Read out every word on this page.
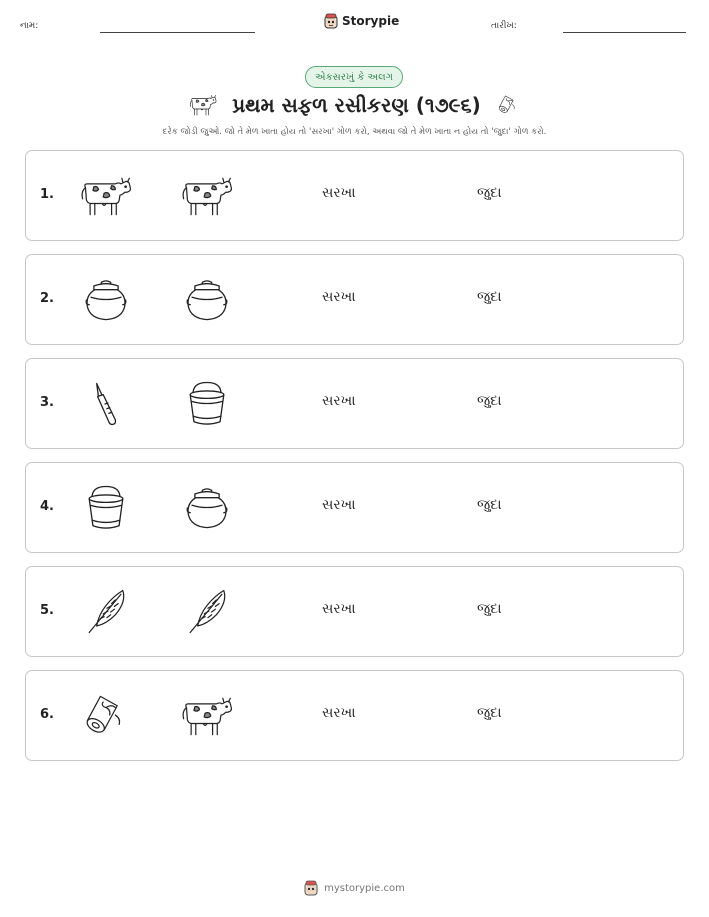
નામ:	Storypie	તારીખ:
એકસરખું કે અલગ
પ્રથમ સફળ રસીકરણ (૧૭૯૬)
દરેક જોડી જુઓ. જો તે મેળ ખાતા હોય તો 'સરખા' ગોળ કરો, અથવા જો તે મેળ ખાતા ન હોય તો 'જુદા' ગોળ કરો.
1.	સરખા	જુદા
2.	સરખા	જુદા
3.	સરખા	જુદા
4.	સરખા	જુદા
5.	સરખા	જુદા
6.	સરખા	જુદા
mystorypie.com
